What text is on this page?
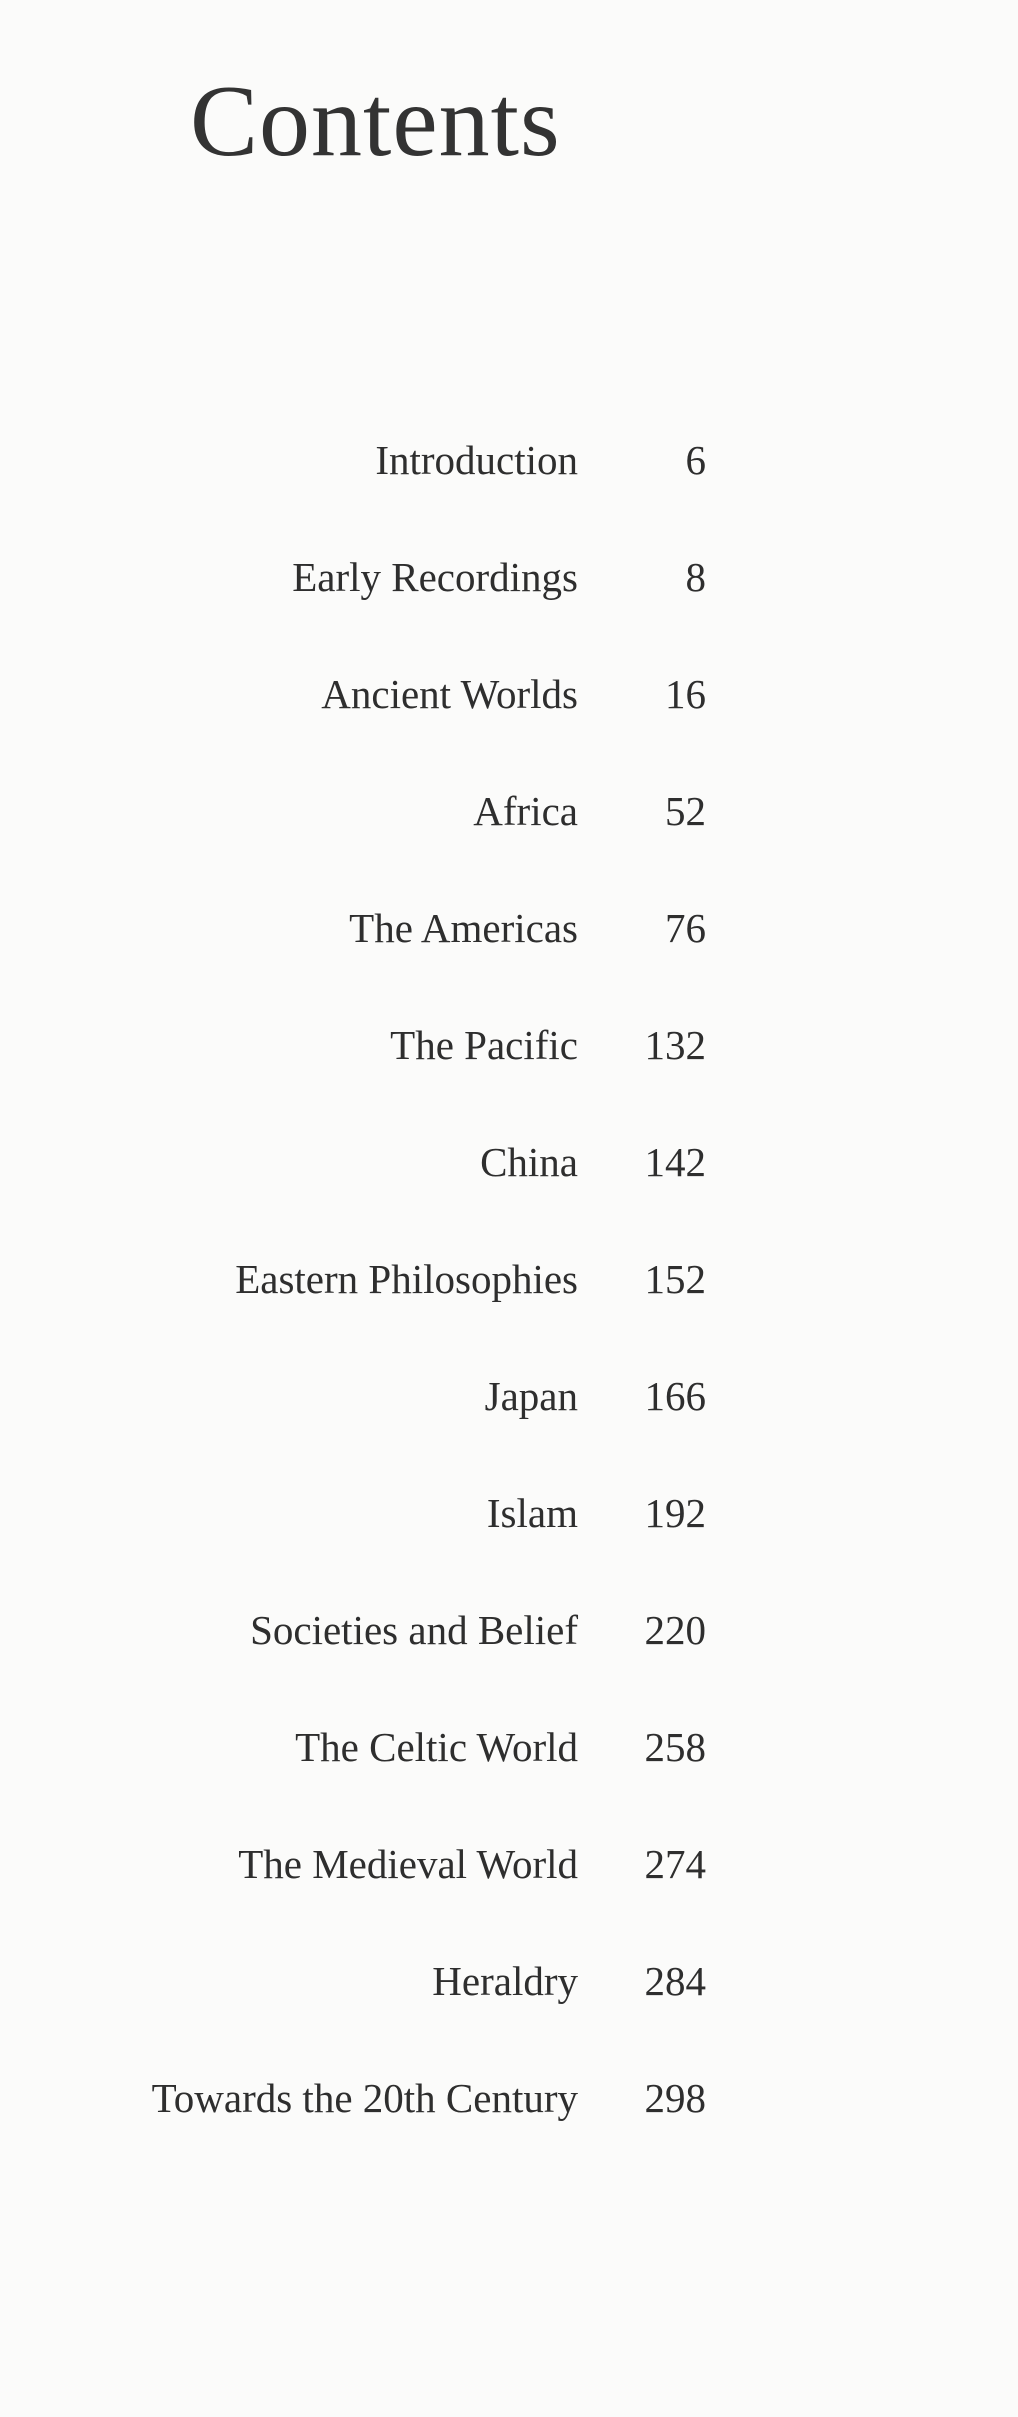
Contents
Introduction	6
Early Recordings	8
Ancient Worlds 16
Africa 52
The Americas 76
The Pacific 132
China 142
Eastern Philosophies 152
Japan 166
Islam 192
Societies and Belief 220
The Celtic World 258
The Medieval World 274
Heraldry 284
Towards the 20th Century 298
